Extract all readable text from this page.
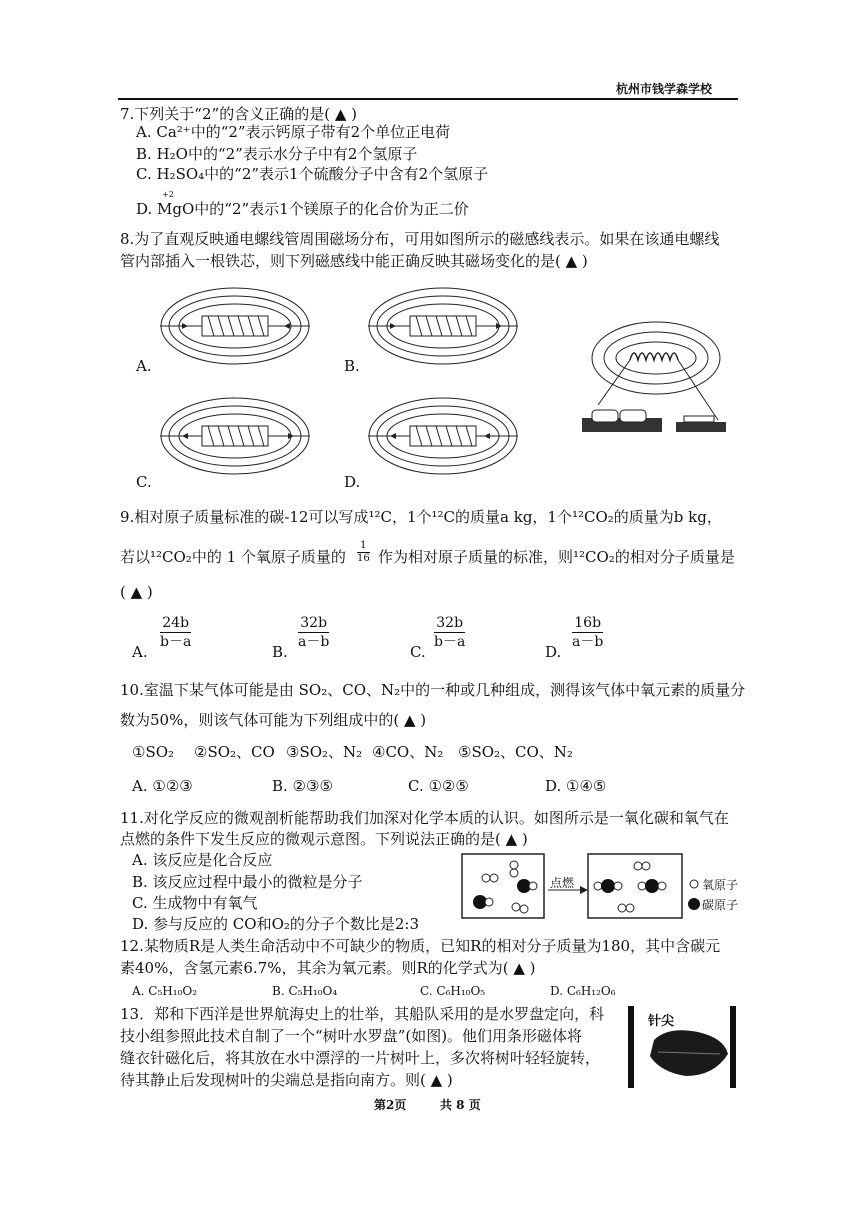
杭州市钱学森学校
7.下列关于“2”的含义正确的是( ▲ )
A. Ca²⁺中的“2”表示钙原子带有2个单位正电荷
B. H₂O中的“2”表示水分子中有2个氢原子
C. H₂SO₄中的“2”表示1个硫酸分子中含有2个氢原子
+2
D. MgO中的“2”表示1个镁原子的化合价为正二价
8.为了直观反映通电螺线管周围磁场分布，可用如图所示的磁感线表示。如果在该通电螺线
管内部插入一根铁芯，则下列磁感线中能正确反映其磁场变化的是( ▲ )
A.	B.
C.	D.
9.相对原子质量标准的碳-12可以写成¹²C，1个¹²C的质量a kg，1个¹²CO₂的质量为b kg，
若以¹²CO₂中的 1 个氧原子质量的 $\frac{1}{16}$ 作为相对原子质量的标准，则¹²CO₂的相对分子质量是
( ▲ )
A.
$\frac{24b}{b-a}$
B.
$\frac{32b}{a-b}$
C.
$\frac{32b}{b-a}$
D.
$\frac{16b}{a-b}$
10.室温下某气体可能是由 SO₂、CO、N₂中的一种或几种组成，测得该气体中氧元素的质量分
数为50%，则该气体可能为下列组成中的( ▲ )
①SO₂ ②SO₂、CO ③SO₂、N₂ ④CO、N₂ ⑤SO₂、CO、N₂
A. ①②③	B. ②③⑤	C. ①②⑤	D. ①④⑤
11.对化学反应的微观剖析能帮助我们加深对化学本质的认识。如图所示是一氧化碳和氧气在
点燃的条件下发生反应的微观示意图。下列说法正确的是( ▲ )
A. 该反应是化合反应
B. 该反应过程中最小的微粒是分子
C. 生成物中有氧气
D. 参与反应的 CO和O₂的分子个数比是2:3
点燃	氧原子
碳原子
12.某物质R是人类生命活动中不可缺少的物质，已知R的相对分子质量为180，其中含碳元
素40%，含氢元素6.7%，其余为氧元素。则R的化学式为( ▲ )
A. C₅H₁₀O₂	B. C₅H₁₀O₄	C. C₆H₁₀O₅	D. C₆H₁₂O₆
13．郑和下西洋是世界航海史上的壮举，其船队采用的是水罗盘定向，科
技小组参照此技术自制了一个“树叶水罗盘”(如图)。他们用条形磁体将
缝衣针磁化后，将其放在水中漂浮的一片树叶上，多次将树叶轻轻旋转，
待其静止后发现树叶的尖端总是指向南方。则( ▲ )
针尖
第2页	共 8 页
